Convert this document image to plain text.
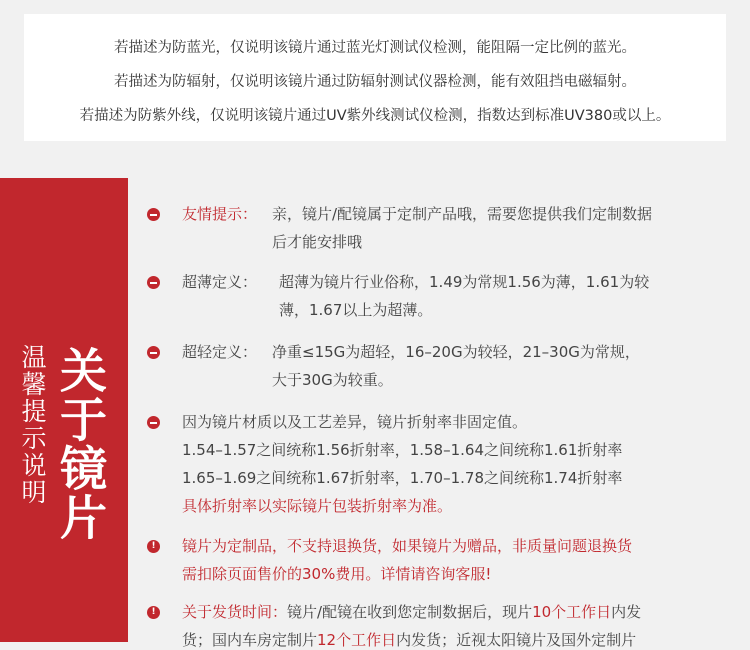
若描述为防蓝光，仅说明该镜片通过蓝光灯测试仪检测，能阻隔一定比例的蓝光。
若描述为防辐射，仅说明该镜片通过防辐射测试仪器检测，能有效阻挡电磁辐射。
若描述为防紫外线，仅说明该镜片通过UV紫外线测试仪检测，指数达到标准UV380或以上。
关于镜片
温馨提示说明
友情提示： 亲，镜片/配镜属于定制产品哦，需要您提供我们定制数据
后才能安排哦
超薄定义： 超薄为镜片行业俗称，1.49为常规1.56为薄，1.61为较
薄，1.67以上为超薄。
超轻定义： 净重≤15G为超轻，16–20G为较轻，21–30G为常规，
大于30G为较重。
因为镜片材质以及工艺差异，镜片折射率非固定值。
1.54–1.57之间统称1.56折射率，1.58–1.64之间统称1.61折射率
1.65–1.69之间统称1.67折射率，1.70–1.78之间统称1.74折射率
具体折射率以实际镜片包装折射率为准。
! 镜片为定制品，不支持退换货，如果镜片为赠品，非质量问题退换货
需扣除页面售价的30%费用。详情请咨询客服!
! 关于发货时间：镜片/配镜在收到您定制数据后，现片10个工作日内发
货；国内车房定制片12个工作日内发货；近视太阳镜片及国外定制片
